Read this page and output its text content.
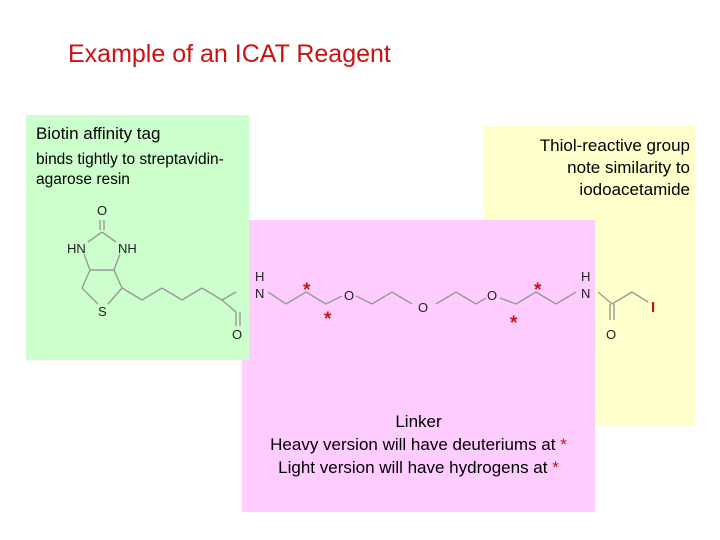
Example of an ICAT Reagent
Biotin affinity tag
binds tightly to streptavidin-agarose resin
Thiol-reactive group
note similarity to
iodoacetamide
O
HN NH
S
O
H
N	O
O
O
H
N
O
I
*
*
*
*
Linker
Heavy version will have deuteriums at *
Light version will have hydrogens at *
